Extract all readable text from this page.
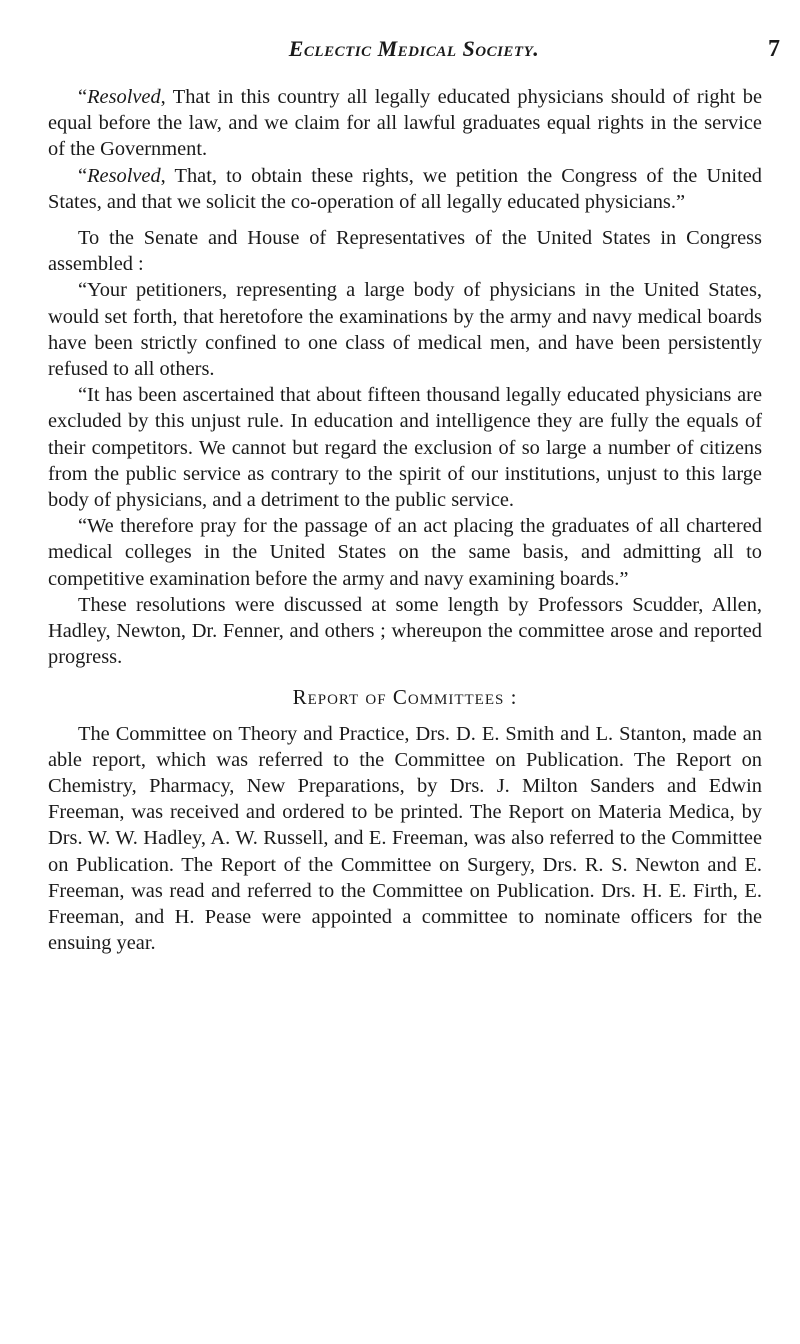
Eclectic Medical Society.	7

“Resolved, That in this country all legally educated physicians should of right be equal before the law, and we claim for all lawful graduates equal rights in the service of the Government.

“Resolved, That, to obtain these rights, we petition the Congress of the United States, and that we solicit the co-operation of all legally educated physicians.”

To the Senate and House of Representatives of the United States in Congress assembled :

“Your petitioners, representing a large body of physicians in the United States, would set forth, that heretofore the examinations by the army and navy medical boards have been strictly confined to one class of medical men, and have been persistently refused to all others.

“It has been ascertained that about fifteen thousand legally educated physicians are excluded by this unjust rule. In education and intelligence they are fully the equals of their competitors. We cannot but regard the exclusion of so large a number of citizens from the public service as contrary to the spirit of our institutions, unjust to this large body of physicians, and a detriment to the public service.

“We therefore pray for the passage of an act placing the graduates of all chartered medical colleges in the United States on the same basis, and admitting all to competitive examination before the army and navy examining boards.”

These resolutions were discussed at some length by Professors Scudder, Allen, Hadley, Newton, Dr. Fenner, and others ; whereupon the committee arose and reported progress.

Report of Committees :

The Committee on Theory and Practice, Drs. D. E. Smith and L. Stanton, made an able report, which was referred to the Committee on Publication. The Report on Chemistry, Pharmacy, New Preparations, by Drs. J. Milton Sanders and Edwin Freeman, was received and ordered to be printed. The Report on Materia Medica, by Drs. W. W. Hadley, A. W. Russell, and E. Freeman, was also referred to the Committee on Publication. The Report of the Committee on Surgery, Drs. R. S. Newton and E. Freeman, was read and referred to the Committee on Publication. Drs. H. E. Firth, E. Freeman, and H. Pease were appointed a committee to nominate officers for the ensuing year.
